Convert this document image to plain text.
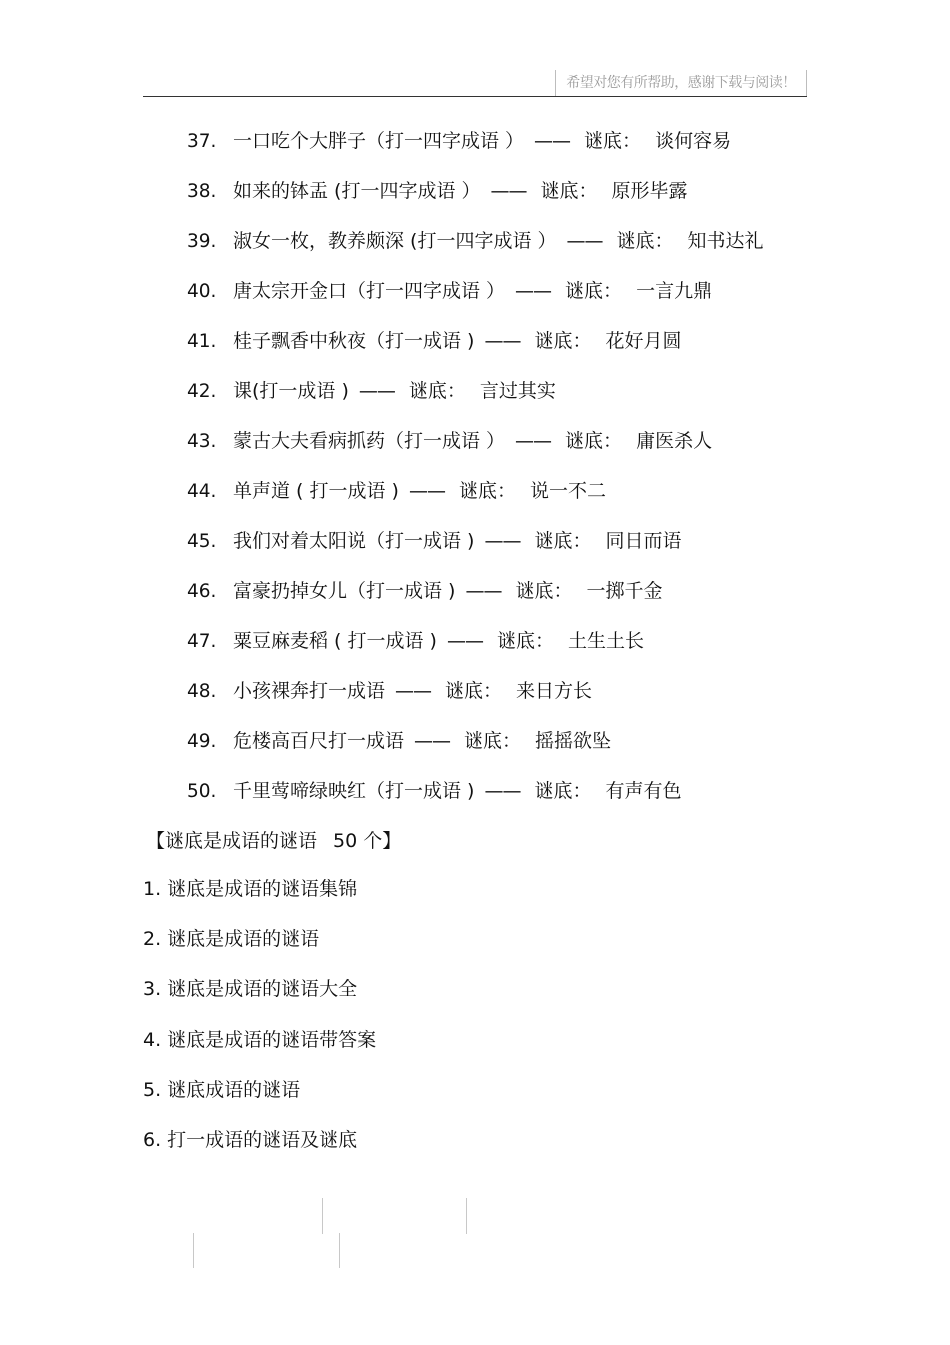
希望对您有所帮助，感谢下载与阅读！
37. 一口吃个大胖子（打一四字成语 ） —— 谜底： 谈何容易
38. 如来的钵盂 (打一四字成语 ） —— 谜底： 原形毕露
39. 淑女一枚，教养颇深 (打一四字成语 ） —— 谜底： 知书达礼
40. 唐太宗开金口（打一四字成语 ） —— 谜底： 一言九鼎
41. 桂子飘香中秋夜（打一成语 ) —— 谜底： 花好月圆
42. 课(打一成语 ) —— 谜底： 言过其实
43. 蒙古大夫看病抓药（打一成语 ） —— 谜底： 庸医杀人
44. 单声道 ( 打一成语 ) —— 谜底： 说一不二
45. 我们对着太阳说（打一成语 ) —— 谜底： 同日而语
46. 富豪扔掉女儿（打一成语 ) —— 谜底： 一掷千金
47. 粟豆麻麦稻 ( 打一成语 ) —— 谜底： 土生土长
48. 小孩裸奔打一成语 —— 谜底： 来日方长
49. 危楼高百尺打一成语 —— 谜底： 摇摇欲坠
50. 千里莺啼绿映红（打一成语 ) —— 谜底： 有声有色
【谜底是成语的谜语 50 个】
1. 谜底是成语的谜语集锦
2. 谜底是成语的谜语
3. 谜底是成语的谜语大全
4. 谜底是成语的谜语带答案
5. 谜底成语的谜语
6. 打一成语的谜语及谜底
